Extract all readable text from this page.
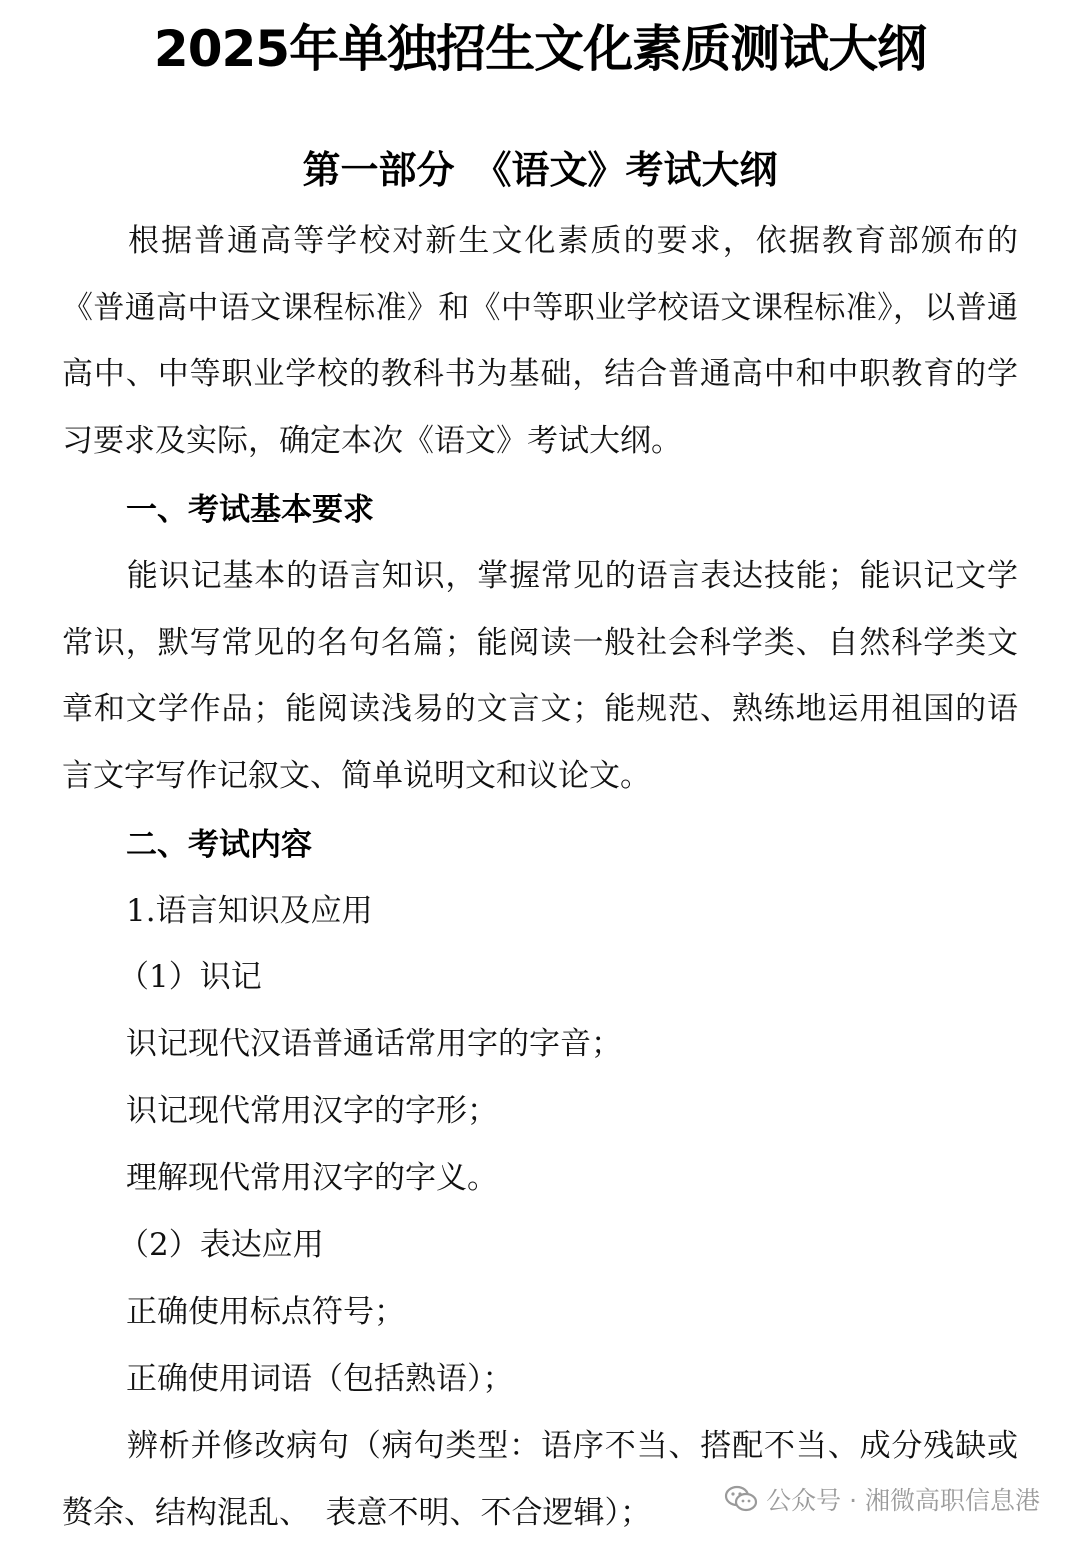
2025年单独招生文化素质测试大纲
第一部分　《语文》考试大纲
根据普通高等学校对新生文化素质的要求，依据教育部颁布的《普通高中语文课程标准》和《中等职业学校语文课程标准》，以普通高中、中等职业学校的教科书为基础，结合普通高中和中职教育的学习要求及实际，确定本次《语文》考试大纲。
一、考试基本要求
能识记基本的语言知识，掌握常见的语言表达技能；能识记文学常识，默写常见的名句名篇；能阅读一般社会科学类、自然科学类文章和文学作品；能阅读浅易的文言文；能规范、熟练地运用祖国的语言文字写作记叙文、简单说明文和议论文。
二、考试内容
1.语言知识及应用
（1）识记
识记现代汉语普通话常用字的字音；
识记现代常用汉字的字形；
理解现代常用汉字的字义。
（2）表达应用
正确使用标点符号；
正确使用词语（包括熟语）；
辨析并修改病句（病句类型：语序不当、搭配不当、成分残缺或赘余、结构混乱、　表意不明、不合逻辑）；	公众号 · 湘微高职信息港
